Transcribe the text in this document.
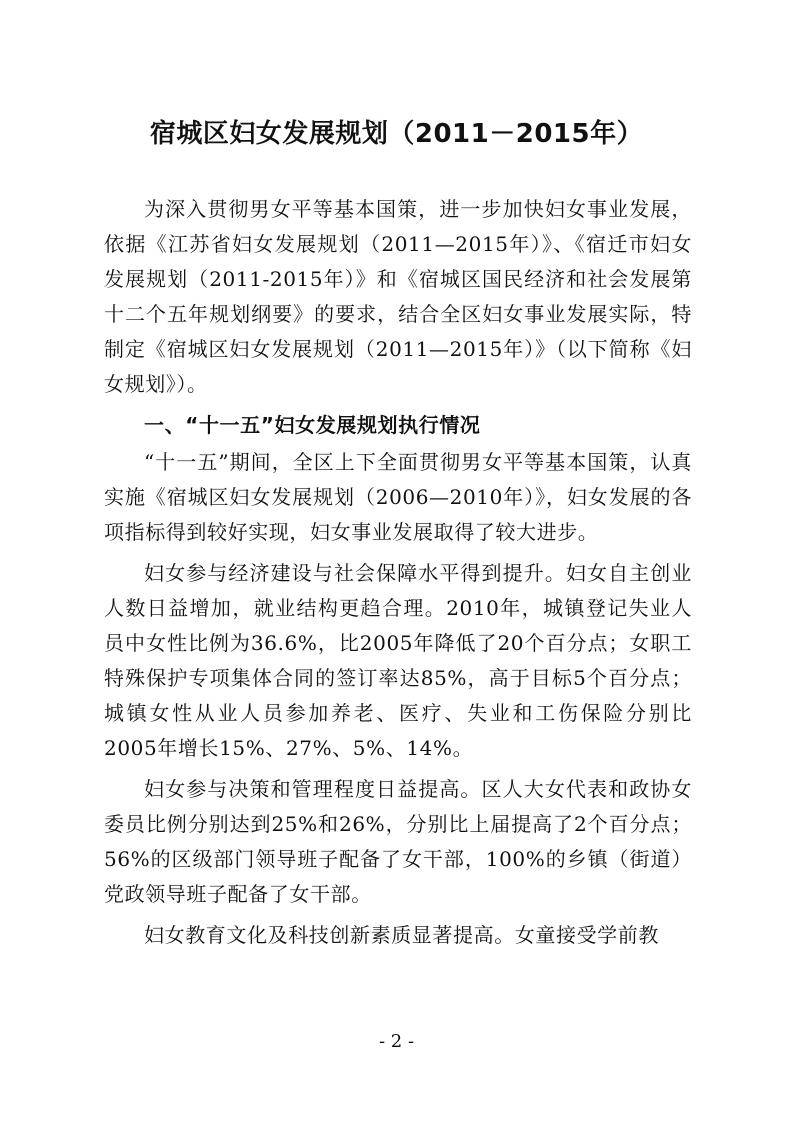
宿城区妇女发展规划（2011－2015年）

为深入贯彻男女平等基本国策，进一步加快妇女事业发展，依据《江苏省妇女发展规划（2011—2015年）》、《宿迁市妇女发展规划（2011-2015年）》和《宿城区国民经济和社会发展第十二个五年规划纲要》的要求，结合全区妇女事业发展实际，特制定《宿城区妇女发展规划（2011—2015年）》（以下简称《妇女规划》）。

一、“十一五”妇女发展规划执行情况

“十一五”期间，全区上下全面贯彻男女平等基本国策，认真实施《宿城区妇女发展规划（2006—2010年）》，妇女发展的各项指标得到较好实现，妇女事业发展取得了较大进步。

妇女参与经济建设与社会保障水平得到提升。妇女自主创业人数日益增加，就业结构更趋合理。2010年，城镇登记失业人员中女性比例为36.6%，比2005年降低了20个百分点；女职工特殊保护专项集体合同的签订率达85%，高于目标5个百分点；城镇女性从业人员参加养老、医疗、失业和工伤保险分别比2005年增长15%、27%、5%、14%。

妇女参与决策和管理程度日益提高。区人大女代表和政协女委员比例分别达到25%和26%，分别比上届提高了2个百分点；56%的区级部门领导班子配备了女干部，100%的乡镇（街道）党政领导班子配备了女干部。

妇女教育文化及科技创新素质显著提高。女童接受学前教

- 2 -
